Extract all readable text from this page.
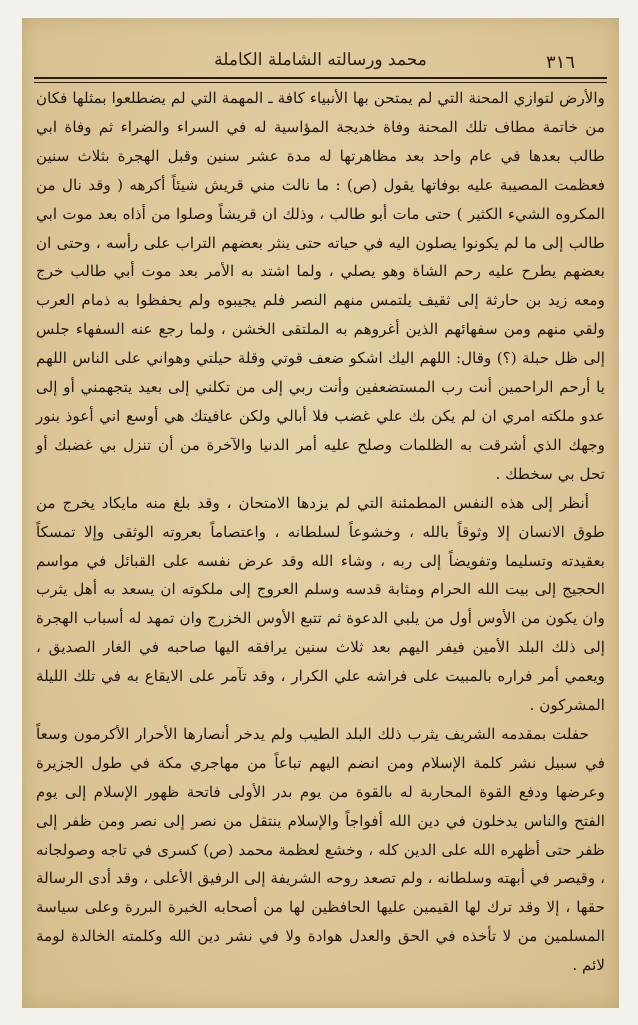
٣١٦
محمد ورسالته الشاملة الكاملة

والأرض لتوازي المحنة التي لم يمتحن بها الأنبياء كافة ـ المهمة التي لم يضطلعوا بمثلها فكان من خاتمة مطاف تلك المحنة وفاة خديجة المؤاسية له في السراء والضراء ثم وفاة ابي طالب بعدها في عام واحد بعد مظاهرتها له مدة عشر سنين وقبل الهجرة بثلاث سنين فعظمت المصيبة عليه بوفاتها يقول (ص) : ما نالت مني قريش شيئاً أكرهه ( وقد نال من المكروه الشيء الكثير ) حتى مات أبو طالب ، وذلك ان قريشاً وصلوا من أذاه بعد موت ابي طالب إلى ما لم يكونوا يصلون اليه في حياته حتى ينثر بعضهم التراب على رأسه ، وحتى ان بعضهم يطرح عليه رحم الشاة وهو يصلي ، ولما اشتد به الأمر بعد موت أبي طالب خرج ومعه زيد بن حارثة إلى ثقيف يلتمس منهم النصر فلم يجيبوه ولم يحفظوا به ذمام العرب ولقي منهم ومن سفهائهم الذين أغروهم به الملتقى الخشن ، ولما رجع عنه السفهاء جلس إلى ظل حبلة (؟) وقال: اللهم اليك اشكو ضعف قوتي وقلة حيلتي وهواني على الناس اللهم يا أرحم الراحمين أنت رب المستضعفين وأنت ربي إلى من تكلني إلى بعيد يتجهمني أو إلى عدو ملكته امري ان لم يكن بك علي غضب فلا أبالي ولكن عافيتك هي أوسع اني أعوذ بنور وجهك الذي أشرقت به الظلمات وصلح عليه أمر الدنيا والآخرة من أن تنزل بي غضبك أو تحل بي سخطك .

أنظر إلى هذه النفس المطمئنة التي لم يزدها الامتحان ، وقد بلغ منه مايكاد يخرج من طوق الانسان إلا وثوقاً بالله ، وخشوعاً لسلطانه ، واعتصاماً بعروته الوثقى وإلا تمسكاً بعقيدته وتسليما وتفويضاً إلى ربه ، وشاء الله وقد عرض نفسه على القبائل في مواسم الحجيج إلى بيت الله الحرام ومثابة قدسه وسلم العروج إلى ملكوته ان يسعد به أهل يثرب وان يكون من الأوس أول من يلبي الدعوة ثم تتبع الأوس الخزرج وان تمهد له أسباب الهجرة إلى ذلك البلد الأمين فيفر اليهم بعد ثلاث سنين يرافقه اليها صاحبه في الغار الصديق ، ويعمي أمر فراره بالمبيت على فراشه علي الكرار ، وقد تآمر على الايقاع به في تلك الليلة المشركون .

حفلت بمقدمه الشريف يثرب ذلك البلد الطيب ولم يدخر أنصارها الأحرار الأكرمون وسعاً في سبيل نشر كلمة الإسلام ومن انضم اليهم تباعاً من مهاجري مكة في طول الجزيرة وعرضها ودفع القوة المحاربة له بالقوة من يوم بدر الأولى فاتحة ظهور الإسلام إلى يوم الفتح والناس يدخلون في دين الله أفواجاً والإسلام ينتقل من نصر إلى نصر ومن ظفر إلى ظفر حتى أظهره الله على الدين كله ، وخشع لعظمة محمد (ص) كسرى في تاجه وصولجانه ، وقيصر في أبهته وسلطانه ، ولم تصعد روحه الشريفة إلى الرفيق الأعلى ، وقد أدى الرسالة حقها ، إلا وقد ترك لها القيمين عليها الحافظين لها من أصحابه الخيرة البررة وعلى سياسة المسلمين من لا تأخذه في الحق والعدل هوادة ولا في نشر دين الله وكلمته الخالدة لومة لائم .
